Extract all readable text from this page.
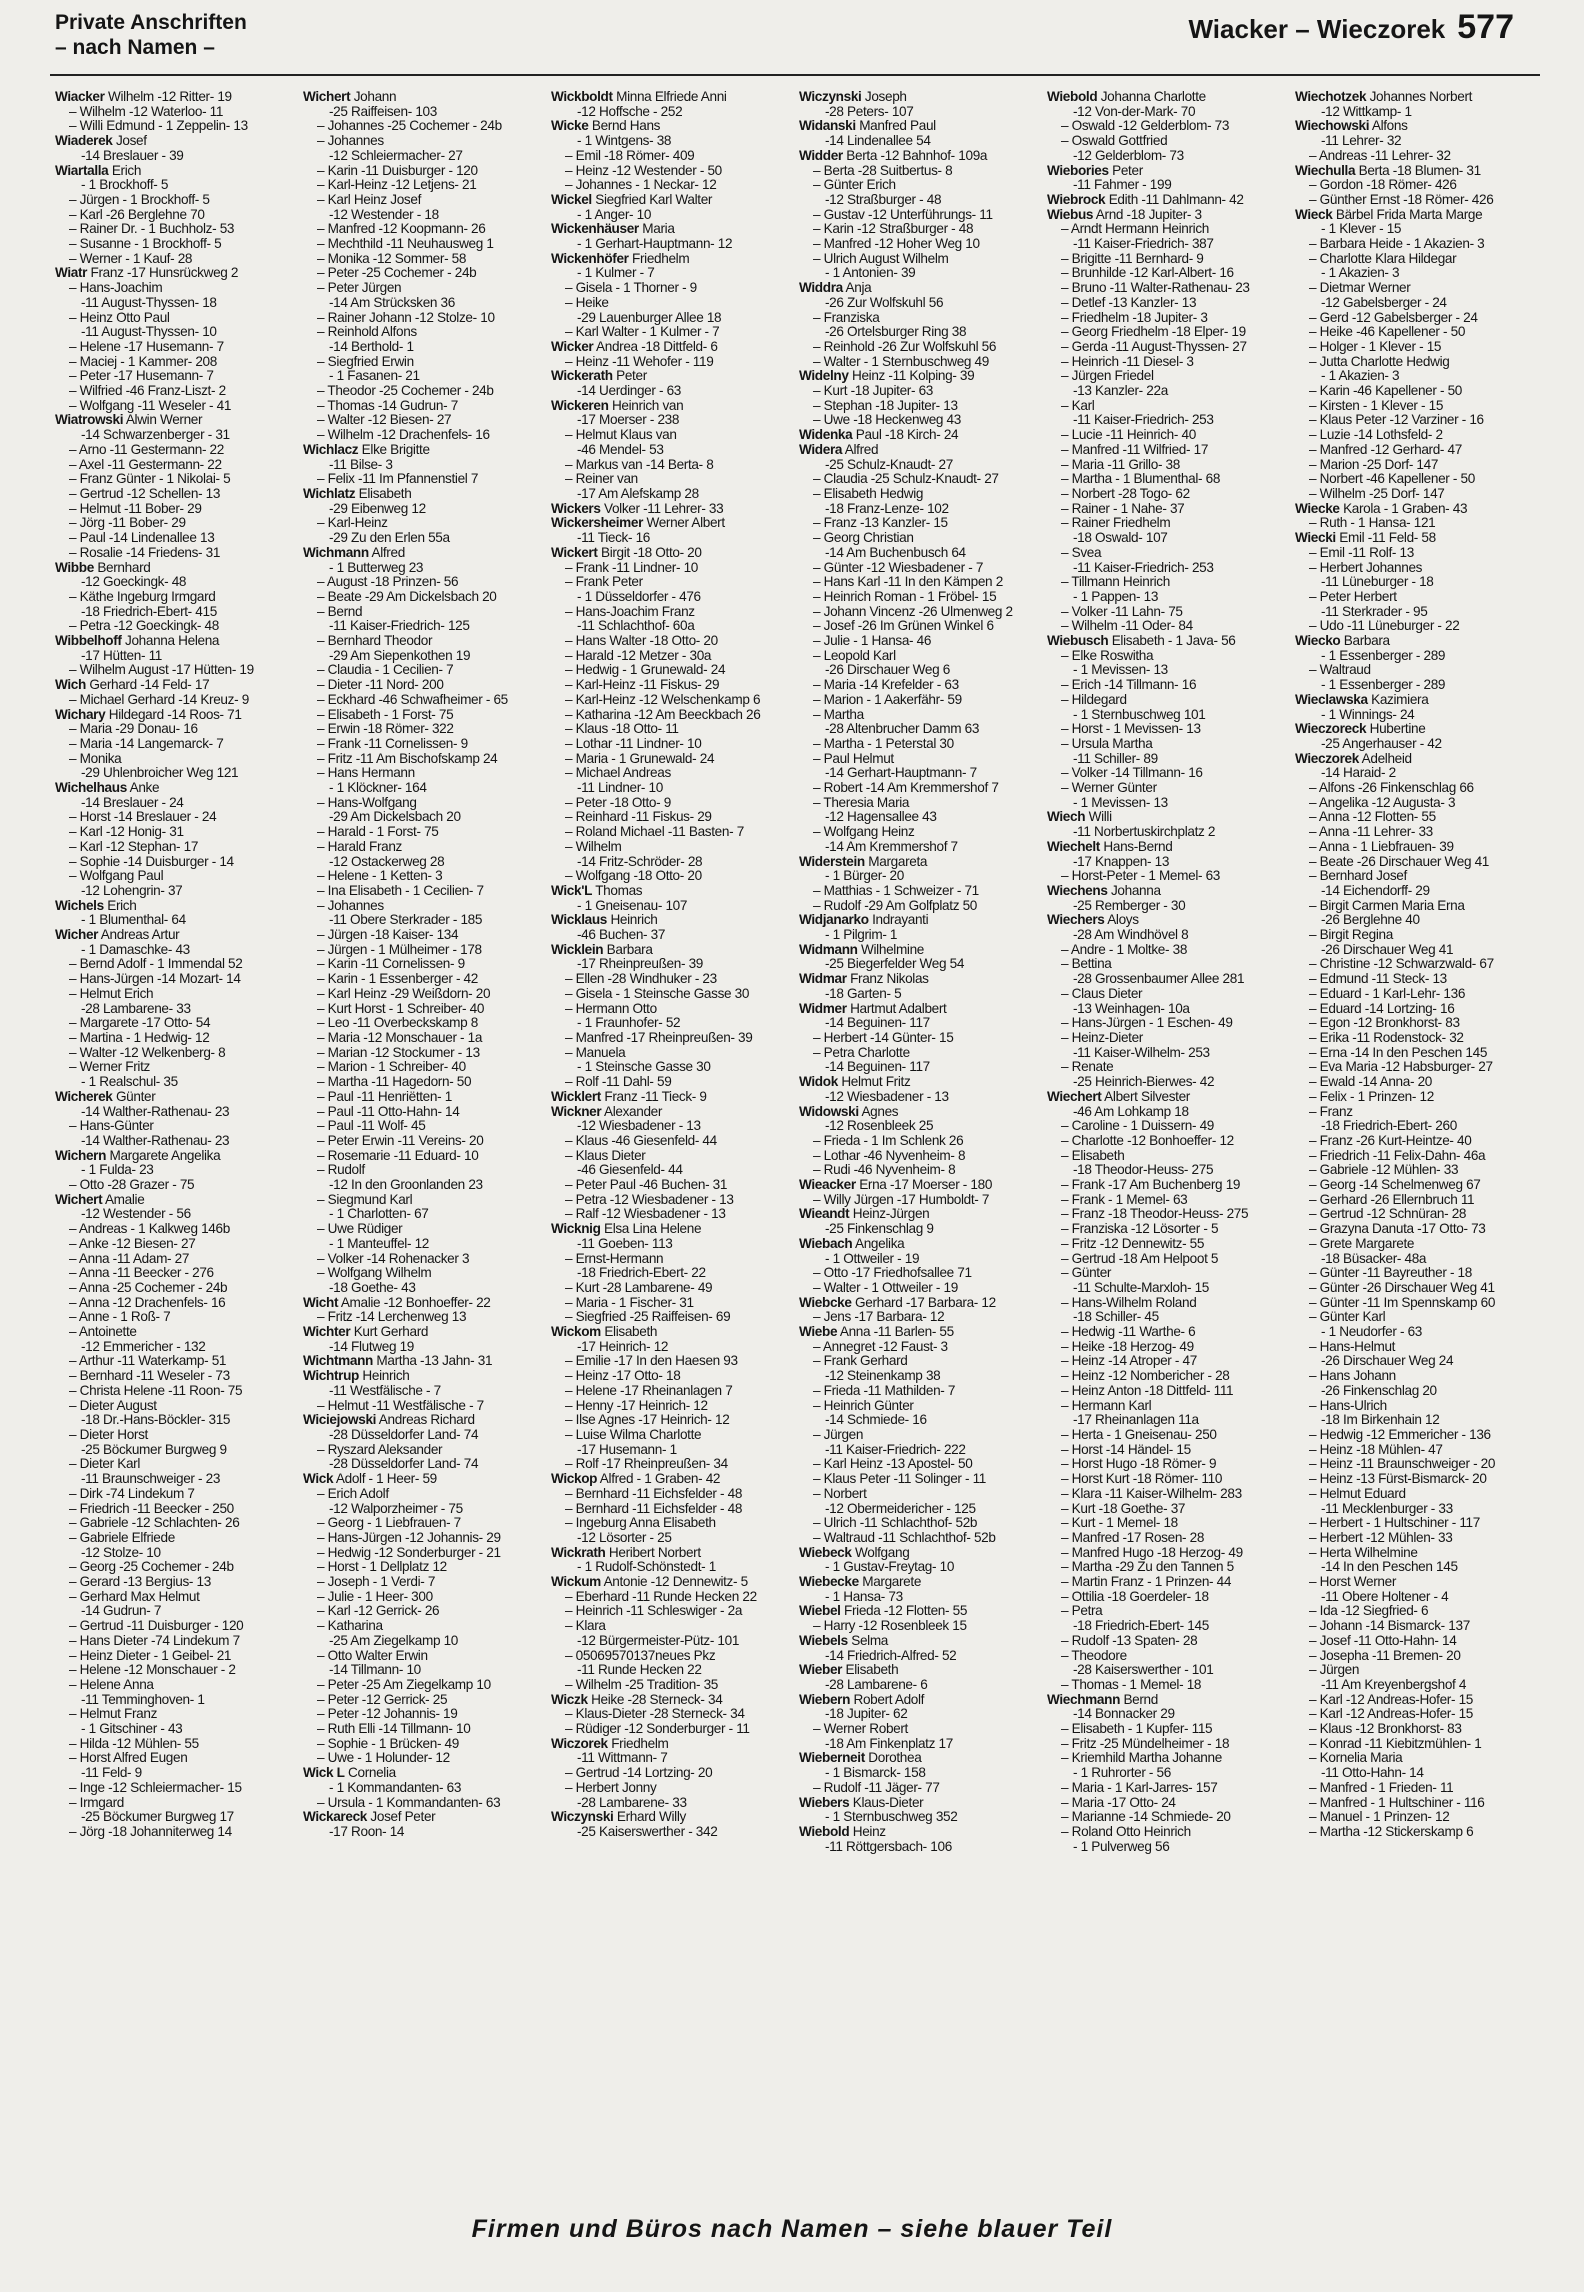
Private Anschriften
– nach Namen –
Wiacker – Wieczorek 577
Wiacker Wilhelm -12 Ritter- 19
– Wilhelm -12 Waterloo- 11
– Willi Edmund - 1 Zeppelin- 13
Wiaderek Josef
-14 Breslauer - 39
Wiartalla Erich
- 1 Brockhoff- 5
– Jürgen - 1 Brockhoff- 5
– Karl -26 Berglehne 70
– Rainer Dr. - 1 Buchholz- 53
– Susanne - 1 Brockhoff- 5
– Werner - 1 Kauf- 28
Wiatr Franz -17 Hunsrückweg 2
– Hans-Joachim
-11 August-Thyssen- 18
– Heinz Otto Paul
-11 August-Thyssen- 10
– Helene -17 Husemann- 7
– Maciej - 1 Kammer- 208
– Peter -17 Husemann- 7
– Wilfried -46 Franz-Liszt- 2
– Wolfgang -11 Weseler - 41
Wiatrowski Alwin Werner
-14 Schwarzenberger - 31
– Arno -11 Gestermann- 22
– Axel -11 Gestermann- 22
– Franz Günter - 1 Nikolai- 5
– Gertrud -12 Schellen- 13
– Helmut -11 Bober- 29
– Jörg -11 Bober- 29
– Paul -14 Lindenallee 13
– Rosalie -14 Friedens- 31
Wibbe Bernhard
-12 Goeckingk- 48
– Käthe Ingeburg Irmgard
-18 Friedrich-Ebert- 415
– Petra -12 Goeckingk- 48
Wibbelhoff Johanna Helena
-17 Hütten- 11
– Wilhelm August -17 Hütten- 19
Wich Gerhard -14 Feld- 17
– Michael Gerhard -14 Kreuz- 9
Wichary Hildegard -14 Roos- 71
– Maria -29 Donau- 16
– Maria -14 Langemarck- 7
– Monika
-29 Uhlenbroicher Weg 121
Wichelhaus Anke
-14 Breslauer - 24
– Horst -14 Breslauer - 24
– Karl -12 Honig- 31
– Karl -12 Stephan- 17
– Sophie -14 Duisburger - 14
– Wolfgang Paul
-12 Lohengrin- 37
Wichels Erich
- 1 Blumenthal- 64
Wicher Andreas Artur
- 1 Damaschke- 43
– Bernd Adolf - 1 Immendal 52
– Hans-Jürgen -14 Mozart- 14
– Helmut Erich
-28 Lambarene- 33
– Margarete -17 Otto- 54
– Martina - 1 Hedwig- 12
– Walter -12 Welkenberg- 8
– Werner Fritz
- 1 Realschul- 35
Wicherek Günter
-14 Walther-Rathenau- 23
– Hans-Günter
-14 Walther-Rathenau- 23
Wichern Margarete Angelika
- 1 Fulda- 23
– Otto -28 Grazer - 75
Wichert Amalie
-12 Westender - 56
– Andreas - 1 Kalkweg 146b
– Anke -12 Biesen- 27
– Anna -11 Adam- 27
– Anna -11 Beecker - 276
– Anna -25 Cochemer - 24b
– Anna -12 Drachenfels- 16
– Anne - 1 Roß- 7
– Antoinette
-12 Emmericher - 132
– Arthur -11 Waterkamp- 51
– Bernhard -11 Weseler - 73
– Christa Helene -11 Roon- 75
– Dieter August
-18 Dr.-Hans-Böckler- 315
– Dieter Horst
-25 Böckumer Burgweg 9
– Dieter Karl
-11 Braunschweiger - 23
– Dirk -74 Lindekum 7
– Friedrich -11 Beecker - 250
– Gabriele -12 Schlachten- 26
– Gabriele Elfriede
-12 Stolze- 10
– Georg -25 Cochemer - 24b
– Gerard -13 Bergius- 13
– Gerhard Max Helmut
-14 Gudrun- 7
– Gertrud -11 Duisburger - 120
– Hans Dieter -74 Lindekum 7
– Heinz Dieter - 1 Geibel- 21
– Helene -12 Monschauer - 2
– Helene Anna
-11 Temminghoven- 1
– Helmut Franz
- 1 Gitschiner - 43
– Hilda -12 Mühlen- 55
– Horst Alfred Eugen
-11 Feld- 9
– Inge -12 Schleiermacher- 15
– Irmgard
-25 Böckumer Burgweg 17
– Jörg -18 Johanniterweg 14
Wichert Johann
-25 Raiffeisen- 103
– Johannes -25 Cochemer - 24b
– Johannes
-12 Schleiermacher- 27
– Karin -11 Duisburger - 120
– Karl-Heinz -12 Letjens- 21
– Karl Heinz Josef
-12 Westender - 18
– Manfred -12 Koopmann- 26
– Mechthild -11 Neuhausweg 1
– Monika -12 Sommer- 58
– Peter -25 Cochemer - 24b
– Peter Jürgen
-14 Am Strücksken 36
– Rainer Johann -12 Stolze- 10
– Reinhold Alfons
-14 Berthold- 1
– Siegfried Erwin
- 1 Fasanen- 21
– Theodor -25 Cochemer - 24b
– Thomas -14 Gudrun- 7
– Walter -12 Biesen- 27
– Wilhelm -12 Drachenfels- 16
Wichlacz Elke Brigitte
-11 Bilse- 3
– Felix -11 Im Pfannenstiel 7
Wichlatz Elisabeth
-29 Eibenweg 12
– Karl-Heinz
-29 Zu den Erlen 55a
Wichmann Alfred
- 1 Butterweg 23
– August -18 Prinzen- 56
– Beate -29 Am Dickelsbach 20
– Bernd
-11 Kaiser-Friedrich- 125
– Bernhard Theodor
-29 Am Siepenkothen 19
– Claudia - 1 Cecilien- 7
– Dieter -11 Nord- 200
– Eckhard -46 Schwafheimer - 65
– Elisabeth - 1 Forst- 75
– Erwin -18 Römer- 322
– Frank -11 Cornelissen- 9
– Fritz -11 Am Bischofskamp 24
– Hans Hermann
- 1 Klöckner- 164
– Hans-Wolfgang
-29 Am Dickelsbach 20
– Harald - 1 Forst- 75
– Harald Franz
-12 Ostackerweg 28
– Helene - 1 Ketten- 3
– Ina Elisabeth - 1 Cecilien- 7
– Johannes
-11 Obere Sterkrader - 185
– Jürgen -18 Kaiser- 134
– Jürgen - 1 Mülheimer - 178
– Karin -11 Cornelissen- 9
– Karin - 1 Essenberger - 42
– Karl Heinz -29 Weißdorn- 20
– Kurt Horst - 1 Schreiber- 40
– Leo -11 Overbeckskamp 8
– Maria -12 Monschauer - 1a
– Marian -12 Stockumer - 13
– Marion - 1 Schreiber- 40
– Martha -11 Hagedorn- 50
– Paul -11 Henriëtten- 1
– Paul -11 Otto-Hahn- 14
– Paul -11 Wolf- 45
– Peter Erwin -11 Vereins- 20
– Rosemarie -11 Eduard- 10
– Rudolf
-12 In den Groonlanden 23
– Siegmund Karl
- 1 Charlotten- 67
– Uwe Rüdiger
- 1 Manteuffel- 12
– Volker -14 Rohenacker 3
– Wolfgang Wilhelm
-18 Goethe- 43
Wicht Amalie -12 Bonhoeffer- 22
– Fritz -14 Lerchenweg 13
Wichter Kurt Gerhard
-14 Flutweg 19
Wichtmann Martha -13 Jahn- 31
Wichtrup Heinrich
-11 Westfälische - 7
– Helmut -11 Westfälische - 7
Wiciejowski Andreas Richard
-28 Düsseldorfer Land- 74
– Ryszard Aleksander
-28 Düsseldorfer Land- 74
Wick Adolf - 1 Heer- 59
– Erich Adolf
-12 Walporzheimer - 75
– Georg - 1 Liebfrauen- 7
– Hans-Jürgen -12 Johannis- 29
– Hedwig -12 Sonderburger - 21
– Horst - 1 Dellplatz 12
– Joseph - 1 Verdi- 7
– Julie - 1 Heer- 300
– Karl -12 Gerrick- 26
– Katharina
-25 Am Ziegelkamp 10
– Otto Walter Erwin
-14 Tillmann- 10
– Peter -25 Am Ziegelkamp 10
– Peter -12 Gerrick- 25
– Peter -12 Johannis- 19
– Ruth Elli -14 Tillmann- 10
– Sophie - 1 Brücken- 49
– Uwe - 1 Holunder- 12
Wick L Cornelia
- 1 Kommandanten- 63
– Ursula - 1 Kommandanten- 63
Wickareck Josef Peter
-17 Roon- 14
Wickboldt Minna Elfriede Anni
-12 Hoffsche - 252
Wicke Bernd Hans
- 1 Wintgens- 38
– Emil -18 Römer- 409
– Heinz -12 Westender - 50
– Johannes - 1 Neckar- 12
Wickel Siegfried Karl Walter
- 1 Anger- 10
Wickenhäuser Maria
- 1 Gerhart-Hauptmann- 12
Wickenhöfer Friedhelm
- 1 Kulmer - 7
– Gisela - 1 Thorner - 9
– Heike
-29 Lauenburger Allee 18
– Karl Walter - 1 Kulmer - 7
Wicker Andrea -18 Dittfeld- 6
– Heinz -11 Wehofer - 119
Wickerath Peter
-14 Uerdinger - 63
Wickeren Heinrich van
-17 Moerser - 238
– Helmut Klaus van
-46 Mendel- 53
– Markus van -14 Berta- 8
– Reiner van
-17 Am Alefskamp 28
Wickers Volker -11 Lehrer- 33
Wickersheimer Werner Albert
-11 Tieck- 16
Wickert Birgit -18 Otto- 20
– Frank -11 Lindner- 10
– Frank Peter
- 1 Düsseldorfer - 476
– Hans-Joachim Franz
-11 Schlachthof- 60a
– Hans Walter -18 Otto- 20
– Harald -12 Metzer - 30a
– Hedwig - 1 Grunewald- 24
– Karl-Heinz -11 Fiskus- 29
– Karl-Heinz -12 Welschenkamp 6
– Katharina -12 Am Beeckbach 26
– Klaus -18 Otto- 11
– Lothar -11 Lindner- 10
– Maria - 1 Grunewald- 24
– Michael Andreas
-11 Lindner- 10
– Peter -18 Otto- 9
– Reinhard -11 Fiskus- 29
– Roland Michael -11 Basten- 7
– Wilhelm
-14 Fritz-Schröder- 28
– Wolfgang -18 Otto- 20
Wick'L Thomas
- 1 Gneisenau- 107
Wicklaus Heinrich
-46 Buchen- 37
Wicklein Barbara
-17 Rheinpreußen- 39
– Ellen -28 Windhuker - 23
– Gisela - 1 Steinsche Gasse 30
– Hermann Otto
- 1 Fraunhofer- 52
– Manfred -17 Rheinpreußen- 39
– Manuela
- 1 Steinsche Gasse 30
– Rolf -11 Dahl- 59
Wicklert Franz -11 Tieck- 9
Wickner Alexander
-12 Wiesbadener - 13
– Klaus -46 Giesenfeld- 44
– Klaus Dieter
-46 Giesenfeld- 44
– Peter Paul -46 Buchen- 31
– Petra -12 Wiesbadener - 13
– Ralf -12 Wiesbadener - 13
Wicknig Elsa Lina Helene
-11 Goeben- 113
– Ernst-Hermann
-18 Friedrich-Ebert- 22
– Kurt -28 Lambarene- 49
– Maria - 1 Fischer- 31
– Siegfried -25 Raiffeisen- 69
Wickom Elisabeth
-17 Heinrich- 12
– Emilie -17 In den Haesen 93
– Heinz -17 Otto- 18
– Helene -17 Rheinanlagen 7
– Henny -17 Heinrich- 12
– Ilse Agnes -17 Heinrich- 12
– Luise Wilma Charlotte
-17 Husemann- 1
– Rolf -17 Rheinpreußen- 34
Wickop Alfred - 1 Graben- 42
– Bernhard -11 Eichsfelder - 48
– Bernhard -11 Eichsfelder - 48
– Ingeburg Anna Elisabeth
-12 Lösorter - 25
Wickrath Heribert Norbert
- 1 Rudolf-Schönstedt- 1
Wickum Antonie -12 Dennewitz- 5
– Eberhard -11 Runde Hecken 22
– Heinrich -11 Schleswiger - 2a
– Klara
-12 Bürgermeister-Pütz- 101
– 05069570137neues Pkz
-11 Runde Hecken 22
– Wilhelm -25 Tradition- 35
Wiczk Heike -28 Sterneck- 34
– Klaus-Dieter -28 Sterneck- 34
– Rüdiger -12 Sonderburger - 11
Wiczorek Friedhelm
-11 Wittmann- 7
– Gertrud -14 Lortzing- 20
– Herbert Jonny
-28 Lambarene- 33
Wiczynski Erhard Willy
-25 Kaiserswerther - 342
Wiczynski Joseph
-28 Peters- 107
Widanski Manfred Paul
-14 Lindenallee 54
Widder Berta -12 Bahnhof- 109a
– Berta -28 Suitbertus- 8
– Günter Erich
-12 Straßburger - 48
– Gustav -12 Unterführungs- 11
– Karin -12 Straßburger - 48
– Manfred -12 Hoher Weg 10
– Ulrich August Wilhelm
- 1 Antonien- 39
Widdra Anja
-26 Zur Wolfskuhl 56
– Franziska
-26 Ortelsburger Ring 38
– Reinhold -26 Zur Wolfskuhl 56
– Walter - 1 Sternbuschweg 49
Widelny Heinz -11 Kolping- 39
– Kurt -18 Jupiter- 63
– Stephan -18 Jupiter- 13
– Uwe -18 Heckenweg 43
Widenka Paul -18 Kirch- 24
Widera Alfred
-25 Schulz-Knaudt- 27
– Claudia -25 Schulz-Knaudt- 27
– Elisabeth Hedwig
-18 Franz-Lenze- 102
– Franz -13 Kanzler- 15
– Georg Christian
-14 Am Buchenbusch 64
– Günter -12 Wiesbadener - 7
– Hans Karl -11 In den Kämpen 2
– Heinrich Roman - 1 Fröbel- 15
– Johann Vincenz -26 Ulmenweg 2
– Josef -26 Im Grünen Winkel 6
– Julie - 1 Hansa- 46
– Leopold Karl
-26 Dirschauer Weg 6
– Maria -14 Krefelder - 63
– Marion - 1 Aakerfähr- 59
– Martha
-28 Altenbrucher Damm 63
– Martha - 1 Peterstal 30
– Paul Helmut
-14 Gerhart-Hauptmann- 7
– Robert -14 Am Kremmershof 7
– Theresia Maria
-12 Hagensallee 43
– Wolfgang Heinz
-14 Am Kremmershof 7
Widerstein Margareta
- 1 Bürger- 20
– Matthias - 1 Schweizer - 71
– Rudolf -29 Am Golfplatz 50
Widjanarko Indrayanti
- 1 Pilgrim- 1
Widmann Wilhelmine
-25 Biegerfelder Weg 54
Widmar Franz Nikolas
-18 Garten- 5
Widmer Hartmut Adalbert
-14 Beguinen- 117
– Herbert -14 Günter- 15
– Petra Charlotte
-14 Beguinen- 117
Widok Helmut Fritz
-12 Wiesbadener - 13
Widowski Agnes
-12 Rosenbleek 25
– Frieda - 1 Im Schlenk 26
– Lothar -46 Nyvenheim- 8
– Rudi -46 Nyvenheim- 8
Wieacker Erna -17 Moerser - 180
– Willy Jürgen -17 Humboldt- 7
Wieandt Heinz-Jürgen
-25 Finkenschlag 9
Wiebach Angelika
- 1 Ottweiler - 19
– Otto -17 Friedhofsallee 71
– Walter - 1 Ottweiler - 19
Wiebcke Gerhard -17 Barbara- 12
– Jens -17 Barbara- 12
Wiebe Anna -11 Barlen- 55
– Annegret -12 Faust- 3
– Frank Gerhard
-12 Steinenkamp 38
– Frieda -11 Mathilden- 7
– Heinrich Günter
-14 Schmiede- 16
– Jürgen
-11 Kaiser-Friedrich- 222
– Karl Heinz -13 Apostel- 50
– Klaus Peter -11 Solinger - 11
– Norbert
-12 Obermeidericher - 125
– Ulrich -11 Schlachthof- 52b
– Waltraud -11 Schlachthof- 52b
Wiebeck Wolfgang
- 1 Gustav-Freytag- 10
Wiebecke Margarete
- 1 Hansa- 73
Wiebel Frieda -12 Flotten- 55
– Harry -12 Rosenbleek 15
Wiebels Selma
-14 Friedrich-Alfred- 52
Wieber Elisabeth
-28 Lambarene- 6
Wiebern Robert Adolf
-18 Jupiter- 62
– Werner Robert
-18 Am Finkenplatz 17
Wieberneit Dorothea
- 1 Bismarck- 158
– Rudolf -11 Jäger- 77
Wiebers Klaus-Dieter
- 1 Sternbuschweg 352
Wiebold Heinz
-11 Röttgersbach- 106
Wiebold Johanna Charlotte
-12 Von-der-Mark- 70
– Oswald -12 Gelderblom- 73
– Oswald Gottfried
-12 Gelderblom- 73
Wiebories Peter
-11 Fahmer - 199
Wiebrock Edith -11 Dahlmann- 42
Wiebus Arnd -18 Jupiter- 3
– Arndt Hermann Heinrich
-11 Kaiser-Friedrich- 387
– Brigitte -11 Bernhard- 9
– Brunhilde -12 Karl-Albert- 16
– Bruno -11 Walter-Rathenau- 23
– Detlef -13 Kanzler- 13
– Friedhelm -18 Jupiter- 3
– Georg Friedhelm -18 Elper- 19
– Gerda -11 August-Thyssen- 27
– Heinrich -11 Diesel- 3
– Jürgen Friedel
-13 Kanzler- 22a
– Karl
-11 Kaiser-Friedrich- 253
– Lucie -11 Heinrich- 40
– Manfred -11 Wilfried- 17
– Maria -11 Grillo- 38
– Martha - 1 Blumenthal- 68
– Norbert -28 Togo- 62
– Rainer - 1 Nahe- 37
– Rainer Friedhelm
-18 Oswald- 107
– Svea
-11 Kaiser-Friedrich- 253
– Tillmann Heinrich
- 1 Pappen- 13
– Volker -11 Lahn- 75
– Wilhelm -11 Oder- 84
Wiebusch Elisabeth - 1 Java- 56
– Elke Roswitha
- 1 Mevissen- 13
– Erich -14 Tillmann- 16
– Hildegard
- 1 Sternbuschweg 101
– Horst - 1 Mevissen- 13
– Ursula Martha
-11 Schiller- 89
– Volker -14 Tillmann- 16
– Werner Günter
- 1 Mevissen- 13
Wiech Willi
-11 Norbertuskirchplatz 2
Wiechelt Hans-Bernd
-17 Knappen- 13
– Horst-Peter - 1 Memel- 63
Wiechens Johanna
-25 Remberger - 30
Wiechers Aloys
-28 Am Windhövel 8
– Andre - 1 Moltke- 38
– Bettina
-28 Grossenbaumer Allee 281
– Claus Dieter
-13 Weinhagen- 10a
– Hans-Jürgen - 1 Eschen- 49
– Heinz-Dieter
-11 Kaiser-Wilhelm- 253
– Renate
-25 Heinrich-Bierwes- 42
Wiechert Albert Silvester
-46 Am Lohkamp 18
– Caroline - 1 Duissern- 49
– Charlotte -12 Bonhoeffer- 12
– Elisabeth
-18 Theodor-Heuss- 275
– Frank -17 Am Buchenberg 19
– Frank - 1 Memel- 63
– Franz -18 Theodor-Heuss- 275
– Franziska -12 Lösorter - 5
– Fritz -12 Dennewitz- 55
– Gertrud -18 Am Helpoot 5
– Günter
-11 Schulte-Marxloh- 15
– Hans-Wilhelm Roland
-18 Schiller- 45
– Hedwig -11 Warthe- 6
– Heike -18 Herzog- 49
– Heinz -14 Atroper - 47
– Heinz -12 Nombericher - 28
– Heinz Anton -18 Dittfeld- 111
– Hermann Karl
-17 Rheinanlagen 11a
– Herta - 1 Gneisenau- 250
– Horst -14 Händel- 15
– Horst Hugo -18 Römer- 9
– Horst Kurt -18 Römer- 110
– Klara -11 Kaiser-Wilhelm- 283
– Kurt -18 Goethe- 37
– Kurt - 1 Memel- 18
– Manfred -17 Rosen- 28
– Manfred Hugo -18 Herzog- 49
– Martha -29 Zu den Tannen 5
– Martin Franz - 1 Prinzen- 44
– Ottilia -18 Goerdeler- 18
– Petra
-18 Friedrich-Ebert- 145
– Rudolf -13 Spaten- 28
– Theodore
-28 Kaiserswerther - 101
– Thomas - 1 Memel- 18
Wiechmann Bernd
-14 Bonnacker 29
– Elisabeth - 1 Kupfer- 115
– Fritz -25 Mündelheimer - 18
– Kriemhild Martha Johanne
- 1 Ruhrorter - 56
– Maria - 1 Karl-Jarres- 157
– Maria -17 Otto- 24
– Marianne -14 Schmiede- 20
– Roland Otto Heinrich
- 1 Pulverweg 56
Wiechotzek Johannes Norbert
-12 Wittkamp- 1
Wiechowski Alfons
-11 Lehrer- 32
– Andreas -11 Lehrer- 32
Wiechulla Berta -18 Blumen- 31
– Gordon -18 Römer- 426
– Günther Ernst -18 Römer- 426
Wieck Bärbel Frida Marta Marge
- 1 Klever - 15
– Barbara Heide - 1 Akazien- 3
– Charlotte Klara Hildegar
- 1 Akazien- 3
– Dietmar Werner
-12 Gabelsberger - 24
– Gerd -12 Gabelsberger - 24
– Heike -46 Kapellener - 50
– Holger - 1 Klever - 15
– Jutta Charlotte Hedwig
- 1 Akazien- 3
– Karin -46 Kapellener - 50
– Kirsten - 1 Klever - 15
– Klaus Peter -12 Varziner - 16
– Luzie -14 Lothsfeld- 2
– Manfred -12 Gerhard- 47
– Marion -25 Dorf- 147
– Norbert -46 Kapellener - 50
– Wilhelm -25 Dorf- 147
Wiecke Karola - 1 Graben- 43
– Ruth - 1 Hansa- 121
Wiecki Emil -11 Feld- 58
– Emil -11 Rolf- 13
– Herbert Johannes
-11 Lüneburger - 18
– Peter Herbert
-11 Sterkrader - 95
– Udo -11 Lüneburger - 22
Wiecko Barbara
- 1 Essenberger - 289
– Waltraud
- 1 Essenberger - 289
Wieclawska Kazimiera
- 1 Winnings- 24
Wieczoreck Hubertine
-25 Angerhauser - 42
Wieczorek Adelheid
-14 Haraid- 2
– Alfons -26 Finkenschlag 66
– Angelika -12 Augusta- 3
– Anna -12 Flotten- 55
– Anna -11 Lehrer- 33
– Anna - 1 Liebfrauen- 39
– Beate -26 Dirschauer Weg 41
– Bernhard Josef
-14 Eichendorff- 29
– Birgit Carmen Maria Erna
-26 Berglehne 40
– Birgit Regina
-26 Dirschauer Weg 41
– Christine -12 Schwarzwald- 67
– Edmund -11 Steck- 13
– Eduard - 1 Karl-Lehr- 136
– Eduard -14 Lortzing- 16
– Egon -12 Bronkhorst- 83
– Erika -11 Rodenstock- 32
– Erna -14 In den Peschen 145
– Eva Maria -12 Habsburger- 27
– Ewald -14 Anna- 20
– Felix - 1 Prinzen- 12
– Franz
-18 Friedrich-Ebert- 260
– Franz -26 Kurt-Heintze- 40
– Friedrich -11 Felix-Dahn- 46a
– Gabriele -12 Mühlen- 33
– Georg -14 Schelmenweg 67
– Gerhard -26 Ellernbruch 11
– Gertrud -12 Schnüran- 28
– Grazyna Danuta -17 Otto- 73
– Grete Margarete
-18 Büsacker- 48a
– Günter -11 Bayreuther - 18
– Günter -26 Dirschauer Weg 41
– Günter -11 Im Spennskamp 60
– Günter Karl
- 1 Neudorfer - 63
– Hans-Helmut
-26 Dirschauer Weg 24
– Hans Johann
-26 Finkenschlag 20
– Hans-Ulrich
-18 Im Birkenhain 12
– Hedwig -12 Emmericher - 136
– Heinz -18 Mühlen- 47
– Heinz -11 Braunschweiger - 20
– Heinz -13 Fürst-Bismarck- 20
– Helmut Eduard
-11 Mecklenburger - 33
– Herbert - 1 Hultschiner - 117
– Herbert -12 Mühlen- 33
– Herta Wilhelmine
-14 In den Peschen 145
– Horst Werner
-11 Obere Holtener - 4
– Ida -12 Siegfried- 6
– Johann -14 Bismarck- 137
– Josef -11 Otto-Hahn- 14
– Josepha -11 Bremen- 20
– Jürgen
-11 Am Kreyenbergshof 4
– Karl -12 Andreas-Hofer- 15
– Karl -12 Andreas-Hofer- 15
– Klaus -12 Bronkhorst- 83
– Konrad -11 Kiebitzmühlen- 1
– Kornelia Maria
-11 Otto-Hahn- 14
– Manfred - 1 Frieden- 11
– Manfred - 1 Hultschiner - 116
– Manuel - 1 Prinzen- 12
– Martha -12 Stickerskamp 6
Firmen und Büros nach Namen – siehe blauer Teil
